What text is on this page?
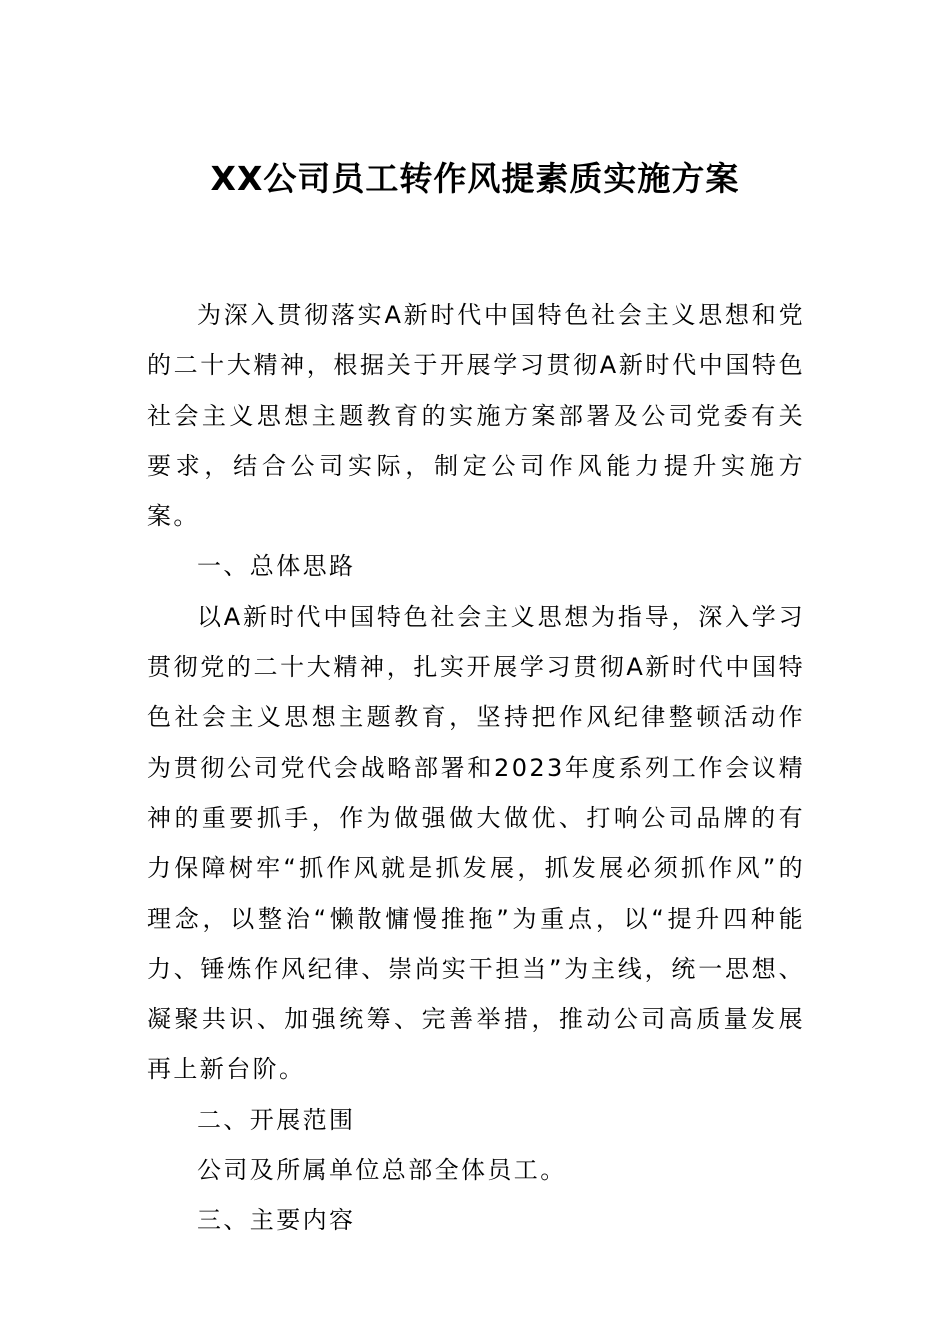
XX公司员工转作风提素质实施方案

为深入贯彻落实A新时代中国特色社会主义思想和党的二十大精神，根据关于开展学习贯彻A新时代中国特色社会主义思想主题教育的实施方案部署及公司党委有关要求，结合公司实际，制定公司作风能力提升实施方案。

一、总体思路

以A新时代中国特色社会主义思想为指导，深入学习贯彻党的二十大精神，扎实开展学习贯彻A新时代中国特色社会主义思想主题教育，坚持把作风纪律整顿活动作为贯彻公司党代会战略部署和2023年度系列工作会议精神的重要抓手，作为做强做大做优、打响公司品牌的有力保障树牢“抓作风就是抓发展，抓发展必须抓作风”的理念，以整治“懒散慵慢推拖”为重点，以“提升四种能力、锤炼作风纪律、崇尚实干担当”为主线，统一思想、凝聚共识、加强统筹、完善举措，推动公司高质量发展再上新台阶。

二、开展范围

公司及所属单位总部全体员工。

三、主要内容
